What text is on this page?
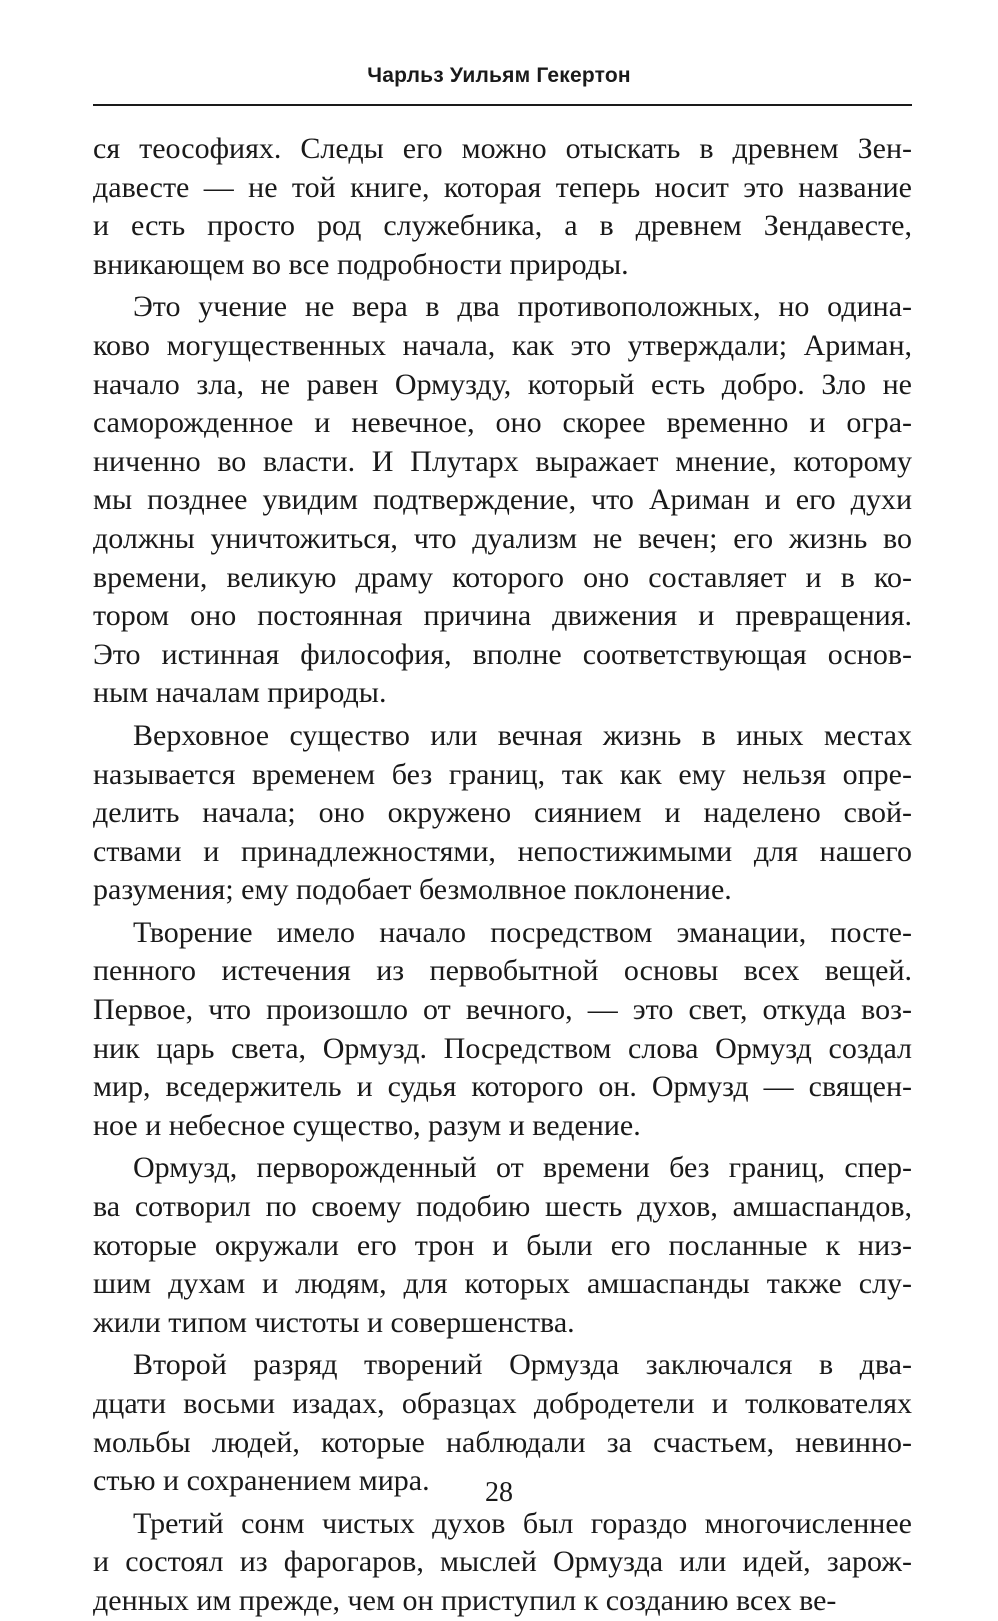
Чарльз Уильям Гекертон

ся теософиях. Следы его можно отыскать в древнем Зен-
давесте — не той книге, которая теперь носит это название
и есть просто род служебника, а в древнем Зендавесте,
вникающем во все подробности природы.

Это учение не вера в два противоположных, но одина-
ково могущественных начала, как это утверждали; Ариман,
начало зла, не равен Ормузду, который есть добро. Зло не
саморожденное и невечное, оно скорее временно и огра-
ниченно во власти. И Плутарх выражает мнение, которому
мы позднее увидим подтверждение, что Ариман и его духи
должны уничтожиться, что дуализм не вечен; его жизнь во
времени, великую драму которого оно составляет и в ко-
тором оно постоянная причина движения и превращения.
Это истинная философия, вполне соответствующая основ-
ным началам природы.

Верховное существо или вечная жизнь в иных местах
называется временем без границ, так как ему нельзя опре-
делить начала; оно окружено сиянием и наделено свой-
ствами и принадлежностями, непостижимыми для нашего
разумения; ему подобает безмолвное поклонение.

Творение имело начало посредством эманации, посте-
пенного истечения из первобытной основы всех вещей.
Первое, что произошло от вечного, — это свет, откуда воз-
ник царь света, Ормузд. Посредством слова Ормузд создал
мир, вседержитель и судья которого он. Ормузд — священ-
ное и небесное существо, разум и ведение.

Ормузд, перворожденный от времени без границ, спер-
ва сотворил по своему подобию шесть духов, амшаспандов,
которые окружали его трон и были его посланные к низ-
шим духам и людям, для которых амшаспанды также слу-
жили типом чистоты и совершенства.

Второй разряд творений Ормузда заключался в два-
дцати восьми изадах, образцах добродетели и толкователях
мольбы людей, которые наблюдали за счастьем, невинно-
стью и сохранением мира.

Третий сонм чистых духов был гораздо многочисленнее
и состоял из фарогаров, мыслей Ормузда или идей, зарож-
денных им прежде, чем он приступил к созданию всех ве-

28
